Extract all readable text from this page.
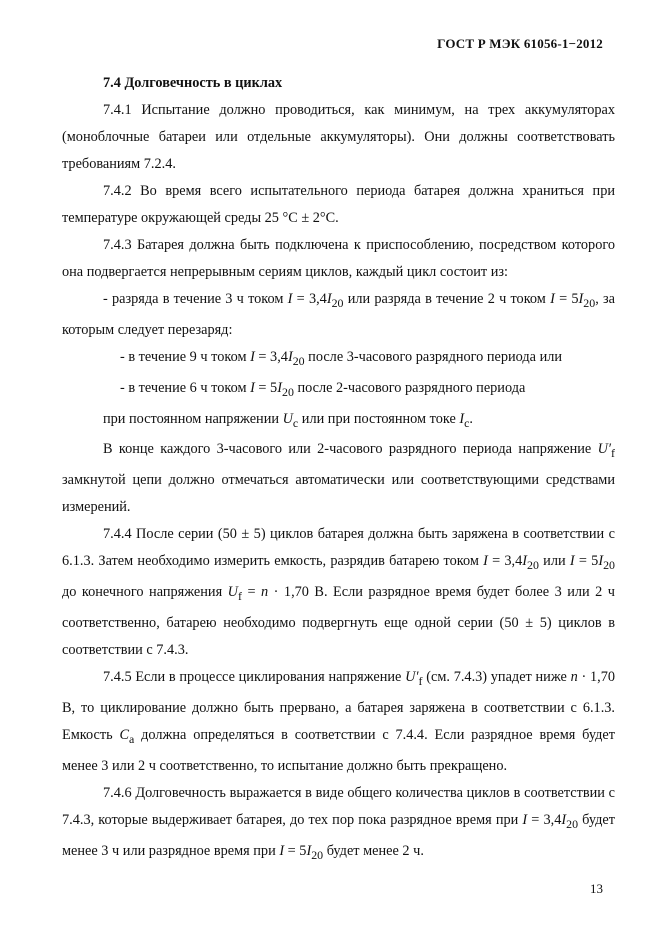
ГОСТ Р МЭК 61056-1−2012

7.4 Долговечность в циклах

7.4.1 Испытание должно проводиться, как минимум, на трех аккумуляторах (моноблочные батареи или отдельные аккумуляторы). Они должны соответствовать требованиям 7.2.4.

7.4.2 Во время всего испытательного периода батарея должна храниться при температуре окружающей среды 25 °С ± 2°С.

7.4.3 Батарея должна быть подключена к приспособлению, посредством которого она подвергается непрерывным сериям циклов, каждый цикл состоит из:

- разряда в течение 3 ч током $I = 3,4I_{20}$ или разряда в течение 2 ч током $I = 5I_{20}$, за которым следует перезаряд:

- в течение 9 ч током $I = 3,4I_{20}$ после 3-часового разрядного периода или

- в течение 6 ч током $I = 5I_{20}$ после 2-часового разрядного периода

при постоянном напряжении $U_c$ или при постоянном токе $I_c$.

В конце каждого 3-часового или 2-часового разрядного периода напряжение $U'_f$ замкнутой цепи должно отмечаться автоматически или соответствующими средствами измерений.

7.4.4 После серии (50 ± 5) циклов батарея должна быть заряжена в соответствии с 6.1.3. Затем необходимо измерить емкость, разрядив батарею током $I = 3,4I_{20}$ или $I = 5I_{20}$ до конечного напряжения $U_f = n \cdot 1,70$ В. Если разрядное время будет более 3 или 2 ч соответственно, батарею необходимо подвергнуть еще одной серии (50 ± 5) циклов в соответствии с 7.4.3.

7.4.5 Если в процессе циклирования напряжение $U'_f$ (см. 7.4.3) упадет ниже n · 1,70 В, то циклирование должно быть прервано, а батарея заряжена в соответствии с 6.1.3. Емкость $C_a$ должна определяться в соответствии с 7.4.4. Если разрядное время будет менее 3 или 2 ч соответственно, то испытание должно быть прекращено.

7.4.6 Долговечность выражается в виде общего количества циклов в соответствии с 7.4.3, которые выдерживает батарея, до тех пор пока разрядное время при $I = 3,4I_{20}$ будет менее 3 ч или разрядное время при $I = 5I_{20}$ будет менее 2 ч.

13
